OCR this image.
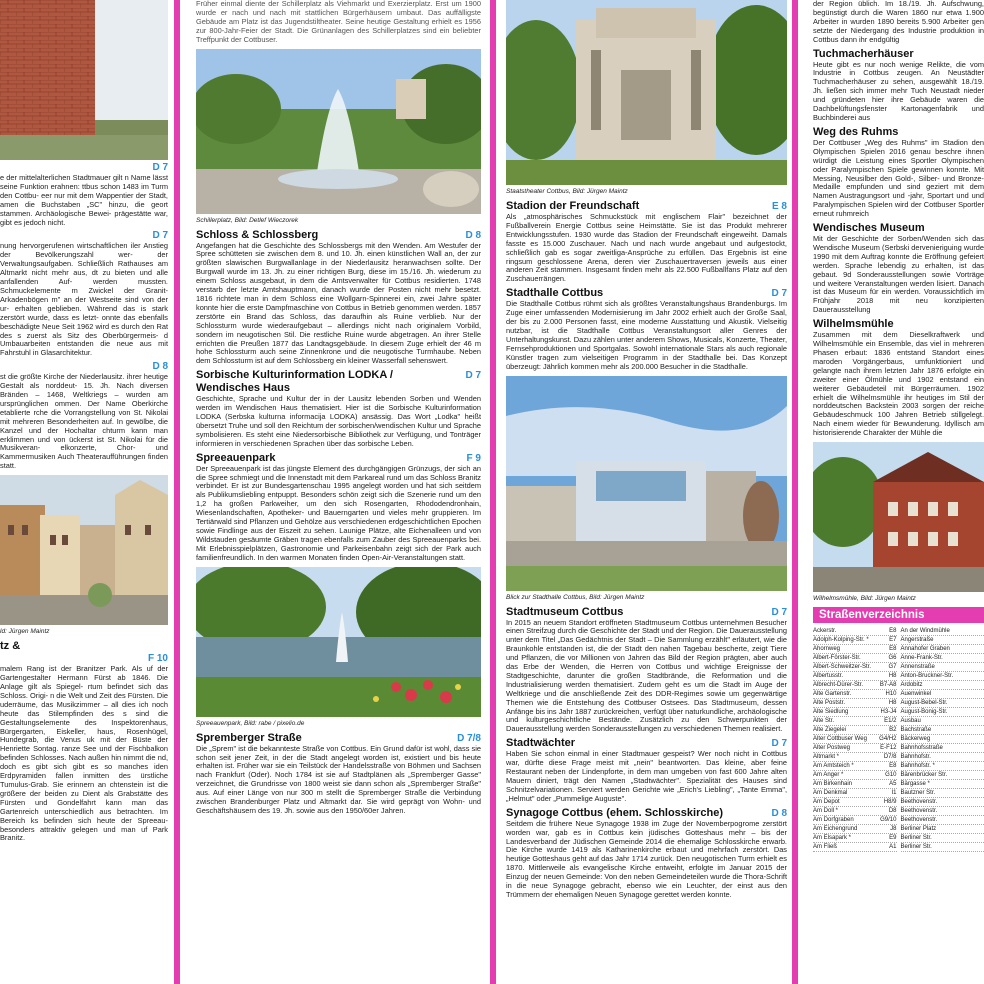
D 7

e der mittelalterlichen Stadtmauer gilt n Name lässt seine Funktion erahnen: ttbus schon 1483 im Turm den Cottbu- eer nur mit dem Wappentier der Stadt, amen die Buchstaben „SC" hinzu, die geort stammen. Archäologische Bewei- prägestätte war, gibt es jedoch nicht.

D 7

nung hervorgerufenen wirtschaftlichen iler Anstieg der Bevölkerungszahl wer- der Verwaltungsaufgaben. Schließlich Rathauses am Altmarkt nicht mehr aus, dt zu bieten und alle anfallenden Auf- werden mussten. Schmuckelemente m Zwickel der Granit-Arkadenbögen m" an der Westseite sind von der ur- erhalten geblieben. Während das is stark zerstört wurde, dass es letzt- onnte das ebenfalls beschädigte Neue Seit 1962 wird es durch den Rat des s zuerst als Sitz des Oberbürgermeis- d Umbauarbeiten entstanden die neue aus mit Fahrstuhl in Glasarchitektur.

D 8

st die größte Kirche der Niederlausitz. ihrer heutige Gestalt als norddeut- 15. Jh. Nach diversen Bränden – 1468, Weltkriegs – wurden am ursprünglichen ommen. Der Name Oberkirche etablierte rche die Vorrangstellung von St. Nikolai mit mehreren Besonderheiten auf. In gewölbe, die Kanzel und der Hochaltar chturm kann man erklimmen und von ückerst ist St. Nikolai für die Musikveran- elkonzerte, Chor- und Kammermusiken Auch Theateraufführungen finden statt.

ld: Jürgen Maintz
tz &
F 10

malem Rang ist der Branitzer Park. Als uf der Gartengestalter Hermann Fürst ab 1846. Die Anlage gilt als Spiegel- rtum befindet sich das Schloss. Origi- n die Welt und Zeit des Fürsten. Die uderräume, das Musikzimmer – all dies ich noch heute das Stilempfinden des s sind die Gestaltungselemente des Inspektorenhaus, Bürgergarten, Eiskeller, haus, Rosenhügel, Hundegrab, die Venus uk mit der Büste der Henriette Sontag. ranze See und der Fischbalkon befinden Schlosses. Nach außen hin nimmt die nd, doch es gibt sich gibt es so manches iden Erdpyramiden fallen inmitten des ürstliche Tumulus-Grab. Sie erinnern an chtenstein ist die größere der beiden zu Dient als Grabstätte des Fürsten und Gondelfahrt kann man das Gartenreich unterschiedlich aus betrachten. Im Bereich ks befinden sich heute der Spreeau- besonders attraktiv gelegen und man uf Park Branitz.

Früher einmal diente der Schillerplatz als Viehmarkt und Exerzierplatz. Erst um 1900 wurde er nach und nach mit stattlichen Bürgerhäusern umbaut. Das auffälligste Gebäude am Platz ist das Jugendstiltheater. Seine heutige Gestaltung erhielt es 1956 zur 800-Jahr-Feier der Stadt. Die Grünanlagen des Schillerplatzes sind ein beliebter Treffpunkt der Cottbuser.

Schillerplatz, Bild: Detlef Wieczorek
Schloss & Schlossberg	D 8

Angefangen hat die Geschichte des Schlossbergs mit den Wenden. Am Westufer der Spree schütteten sie zwischen dem 8. und 10. Jh. einen künstlichen Wall an, der zur größten slawischen Burgwallanlage in der Niederlausitz heranwachsen sollte. Der Burgwall wurde im 13. Jh. zu einer richtigen Burg, diese im 15./16. Jh. wiederum zu einem Schloss ausgebaut, in dem die Amtsverwalter für Cottbus residierten. 1748 verstarb der letzte Amtshauptmann, danach wurde der Posten nicht mehr besetzt. 1816 richtete man in dem Schloss eine Wollgarn-Spinnerei ein, zwei Jahre später konnte hier die erste Dampfmaschine von Cottbus in Betrieb genommen werden. 1857 zerstörte ein Brand das Schloss, das daraufhin als Ruine verblieb. Nur der Schlossturm wurde wiederaufgebaut – allerdings nicht nach originalem Vorbild, sondern im neugotischen Stil. Die restliche Ruine wurde abgetragen. An ihrer Stelle errichten die Preußen 1877 das Landtagsgebäude. In diesem Zuge erhielt der 46 m hohe Schlossturm auch seine Zinnenkrone und die neugotische Turmhaube. Neben dem Schlossturm ist auf dem Schlossberg ein kleiner Wasserfall sehenswert.

Sorbische Kulturinformation LODKA / Wendisches Haus
D 7

Geschichte, Sprache und Kultur der in der Lausitz lebenden Sorben und Wenden werden im Wendischen Haus thematisiert. Hier ist die Sorbische Kulturinformation LODKA (Serbska kulturna informacija LODKA) ansässig. Das Wort „Lodka" heißt übersetzt Truhe und soll den Reichtum der sorbischen/wendischen Kultur und Sprache symbolisieren. Es steht eine Niedersorbische Bibliothek zur Verfügung, und Tonträger informieren in verschiedenen Sprachen über das sorbische Leben.

Spreeauenpark	F 9

Der Spreeauenpark ist das jüngste Element des durchgängigen Grünzugs, der sich an die Spree schmiegt und die Innenstadt mit dem Parkareal rund um das Schloss Branitz verbindet. Er ist zur Bundesgartenschau 1995 angelegt worden und hat sich seitdem als Publikumsliebling entpuppt. Besonders schön zeigt sich die Szenerie rund um den 1,2 ha großen Parkweiher, um den sich Rosengarten, Rhododendronhain, Wiesenlandschaften, Apotheker- und Bauerngarten und vieles mehr gruppieren. Im Tertiärwald sind Pflanzen und Gehölze aus verschiedenen erdgeschichtlichen Epochen sowie Findlinge aus der Eiszeit zu sehen. Launige Plätze, alte Eichenalleen und von Wildstauden gesäumte Gräben tragen ebenfalls zum Zauber des Spreeauenparks bei. Mit Erlebnisspielplätzen, Gastronomie und Parkeisenbahn zeigt sich der Park auch familienfreundlich. In den warmen Monaten finden Open-Air-Veranstaltungen statt.

Spreeauenpark, Bild: rabe / pixelio.de
Spremberger Straße	D 7/8

Die „Sprem" ist die bekannteste Straße von Cottbus. Ein Grund dafür ist wohl, dass sie schon seit jener Zeit, in der die Stadt angelegt worden ist, existiert und bis heute erhalten ist. Früher war sie ein Teilstück der Handelsstraße von Böhmen und Sachsen nach Frankfurt (Oder). Noch 1784 ist sie auf Stadtplänen als „Spremberger Gasse" verzeichnet, die Grundrisse von 1800 weist sie dann schon als „Spremberger Straße" aus. Auf einer Länge von nur 300 m stellt die Spremberger Straße die Verbindung zwischen Brandenburger Platz und Altmarkt dar. Sie wird geprägt von Wohn- und Geschäftshäusern des 19. Jh. sowie aus den 1950/60er Jahren.

Staatstheater Cottbus, Bild: Jürgen Maintz
Stadion der Freundschaft	E 8

Als „atmosphärisches Schmuckstück mit englischem Flair" bezeichnet der Fußballverein Energie Cottbus seine Heimstätte. Sie ist das Produkt mehrerer Entwicklungsstufen. 1930 wurde das Stadion der Freundschaft eingeweiht. Damals fasste es 15.000 Zuschauer. Nach und nach wurde angebaut und aufgestockt, schließlich gab es sogar zweitliga-Ansprüche zu erfüllen. Das Ergebnis ist eine ringsum geschlossene Arena, deren vier Zuschauertraversen jeweils aus einer anderen Zeit stammen. Insgesamt finden mehr als 22.500 Fußballfans Platz auf den Zuschauerrängen.

Stadthalle Cottbus	D 7

Die Stadthalle Cottbus rühmt sich als größtes Veranstaltungshaus Brandenburgs. Im Zuge einer umfassenden Modernisierung im Jahr 2002 erhielt auch der Große Saal, der bis zu 2.000 Personen fasst, eine moderne Ausstattung und Akustik. Vielseitig nutzbar, ist die Stadthalle Cottbus Veranstaltungsort aller Genres der Unterhaltungskunst. Dazu zählen unter anderem Shows, Musicals, Konzerte, Theater, Fernsehproduktionen und Sportgalas. Sowohl internationale Stars als auch regionale Künstler tragen zum vielseitigen Programm in der Stadthalle bei. Das Konzept überzeugt: Jährlich kommen mehr als 200.000 Besucher in die Stadthalle.

Blick zur Stadthalle Cottbus, Bild: Jürgen Maintz
Stadtmuseum Cottbus	D 7

In 2015 an neuem Standort eröffneten Stadtmuseum Cottbus unternehmen Besucher einen Streifzug durch die Geschichte der Stadt und der Region. Die Dauerausstellung unter dem Titel „Das Gedächtnis der Stadt – Die Sammlung erzählt" erläutert, wie die Braunkohle entstanden ist, die der Stadt den nahen Tagebau bescherte, zeigt Tiere und Pflanzen, die vor Millionen von Jahren das Bild der Region prägten, aber auch das Erbe der Wenden, die Herren von Cottbus und wichtige Ereignisse der Stadtgeschichte, darunter die großen Stadtbrände, die Reformation und die Industrialisierung werden thematisiert. Zudem geht es um die Stadt im Auge der Weltkriege und die anschließende Zeit des DDR-Regimes sowie um gegenwärtige Themen wie die Entstehung des Cottbuser Ostsees. Das Stadtmuseum, dessen Anfänge bis ins Jahr 1887 zurückreichen, verfügt über naturkundliche, archäologische und kulturgeschichtliche Bestände. Zusätzlich zu den Schwerpunkten der Dauerausstellung werden Sonderausstellungen zu verschiedenen Themen realisiert.

Stadtwächter	D 7

Haben Sie schon einmal in einer Stadtmauer gespeist? Wer noch nicht in Cottbus war, dürfte diese Frage meist mit „nein" beantworten. Das kleine, aber feine Restaurant neben der Lindenpforte, in dem man umgeben von fast 600 Jahre alten Mauern diniert, trägt den Namen „Stadtwächter". Spezialität des Hauses sind Schnitzelvariationen. Serviert werden Gerichte wie „Erich's Liebling", „Tante Emma", „Helmut" oder „Pummelige Auguste".

Synagoge Cottbus (ehem. Schlosskirche)	D 8

Seitdem die frühere Neue Synagoge 1938 im Zuge der Novemberpogrome zerstört worden war, gab es in Cottbus kein jüdisches Gotteshaus mehr – bis der Landesverband der Jüdischen Gemeinde 2014 die ehemalige Schlosskirche erwarb. Die Kirche wurde 1419 als Katharinenkirche erbaut und mehrfach zerstört. Das heutige Gotteshaus geht auf das Jahr 1714 zurück. Den neugotischen Turm erhielt es 1870. Mittlerweile als evangelische Kirche entweiht, erfolgte im Januar 2015 der Einzug der neuen Gemeinde: Von den neben Gemeindeteilen wurde die Thora-Schrift in die neue Synagoge gebracht, ebenso wie ein Leuchter, der einst aus den Trümmern der ehemaligen Neuen Synagoge gerettet werden konnte.

der Region üblich. Im 18./19. Jh. Aufschwung, begünstigt durch die Waren 1860 nur etwa 1.900 Arbeiter in wurden 1890 bereits 5.900 Arbeiter gen setzte der Niedergang des Industrie produktion in Cottbus dann ihr endgültig

Tuchmacherhäuser

Heute gibt es nur noch wenige Relikte, die vom Industrie in Cottbus zeugen. An Neustädter Tuchmacherhäuser zu sehen, ausgewählt 18./19. Jh. ließen sich immer mehr Tuch Neustadt nieder und gründeten hier ihre Gebäude waren die Dachbelüftungsfenster Kartonagenfabrik und Buchbinderei aus

Weg des Ruhms

Der Cottbuser „Weg des Ruhms" im Stadion den Olympischen Spielen 2016 genau beschre ihnen würdigt die Leistung eines Sportler Olympischen oder Paralympischen Spiele gewinnen konnte. Mit Messing, Neusilber den Gold-, Silber- und Bronze-Medaille empfunden und sind geziert mit dem Namen Austragungsort und -jahr, Sportart und und Paralympischen Spielen wird der Cottbuser Sportler erneut ruhmreich

Wendisches Museum

Mit der Geschichte der Sorben/Wenden sich das Wendische Museum (Serbski dervenieriguing wurde 1990 mit dem Auftrag konnte die Eröffnung gefeiert werden. Sprache lebendig zu erhalten, ist das gebaut. 9d Sonderausstellungen sowie Vorträge und weitere Veranstaltungen werden lisiert. Danach ist das Museum für ein werden. Voraussichtlich im Frühjahr 2018 mit neu konzipierten Dauerausstellung

Wilhelmsmühle

Zusammen mit dem Dieselkraftwerk und Wilhelmsmühle ein Ensemble, das viel in mehreren Phasen erbaut: 1836 entstand Standort eines maroden Vorgängerbaus, umfunktioniert und gelangte nach ihrem letzten Jahr 1876 erfolgte ein zweiter einer Ölmühle und 1902 entstand ein weiterer Gebäudeteil mit Bürgerräumen. 1902 erhielt die Wilhelmsmühle ihr heutiges im Stil der norddeutschen Backstein 2003 sorgen der reiche Gebäudeschmuck 100 Jahren Betrieb stillgelegt. Nach einem wieder für Bewunderung. Idyllisch am historisierende Charakter der Mühle die

Wilhelmsmühle, Bild: Jürgen Maintz
Straßenverzeichnis
Ackerstr.	E8
Adolph-Kolping-Str. *	E7
Ahornweg	E8
Albert-Förster-Str.	G6
Albert-Schweitzer-Str.	G7
Albertusstr.	H8
Albrecht-Dürer-Str.	B7-A8
Alte Gartenstr.	H10
Alte Poststr.	H8
Alte Siedlung	H3-J4
Alte Str.	E1/2
Alte Ziegelei	B2
Alter Cottbuser Weg G4/H2
Alter Postweg	E-F12
Altmarkt *	D7/8
Am Amtsteich *	E8
Am Anger *	G10
Am Birkenhain	A5
Am Denkmal	I1
Am Depot	H8/9
Am Doll *	D8
Am Dorfgraben	G9/10
Am Eichengrund	J8
Am Elsapark *	E9
Am Fließ	A1
An der Windmühle
Angerstraße
Annahofer Graben
Anne-Frank-Str.
Annenstraße
Anton-Bruckner-Str.
Ardobitz
Auenwinkel
August-Bebel-Str.
August-Bonig-Str.
Ausbau
Bachstraße
Bäckerweg
Bahnhofsstraße
Bahnhofstr.
Bahnhofstr. *
Bärenbrücker Str.
Bärgasse *
Bautzner Str.
Beethovenstr.
Beethovenstr.
Beethovenstr.
Berliner Platz
Berliner Str.
Berliner Str.
